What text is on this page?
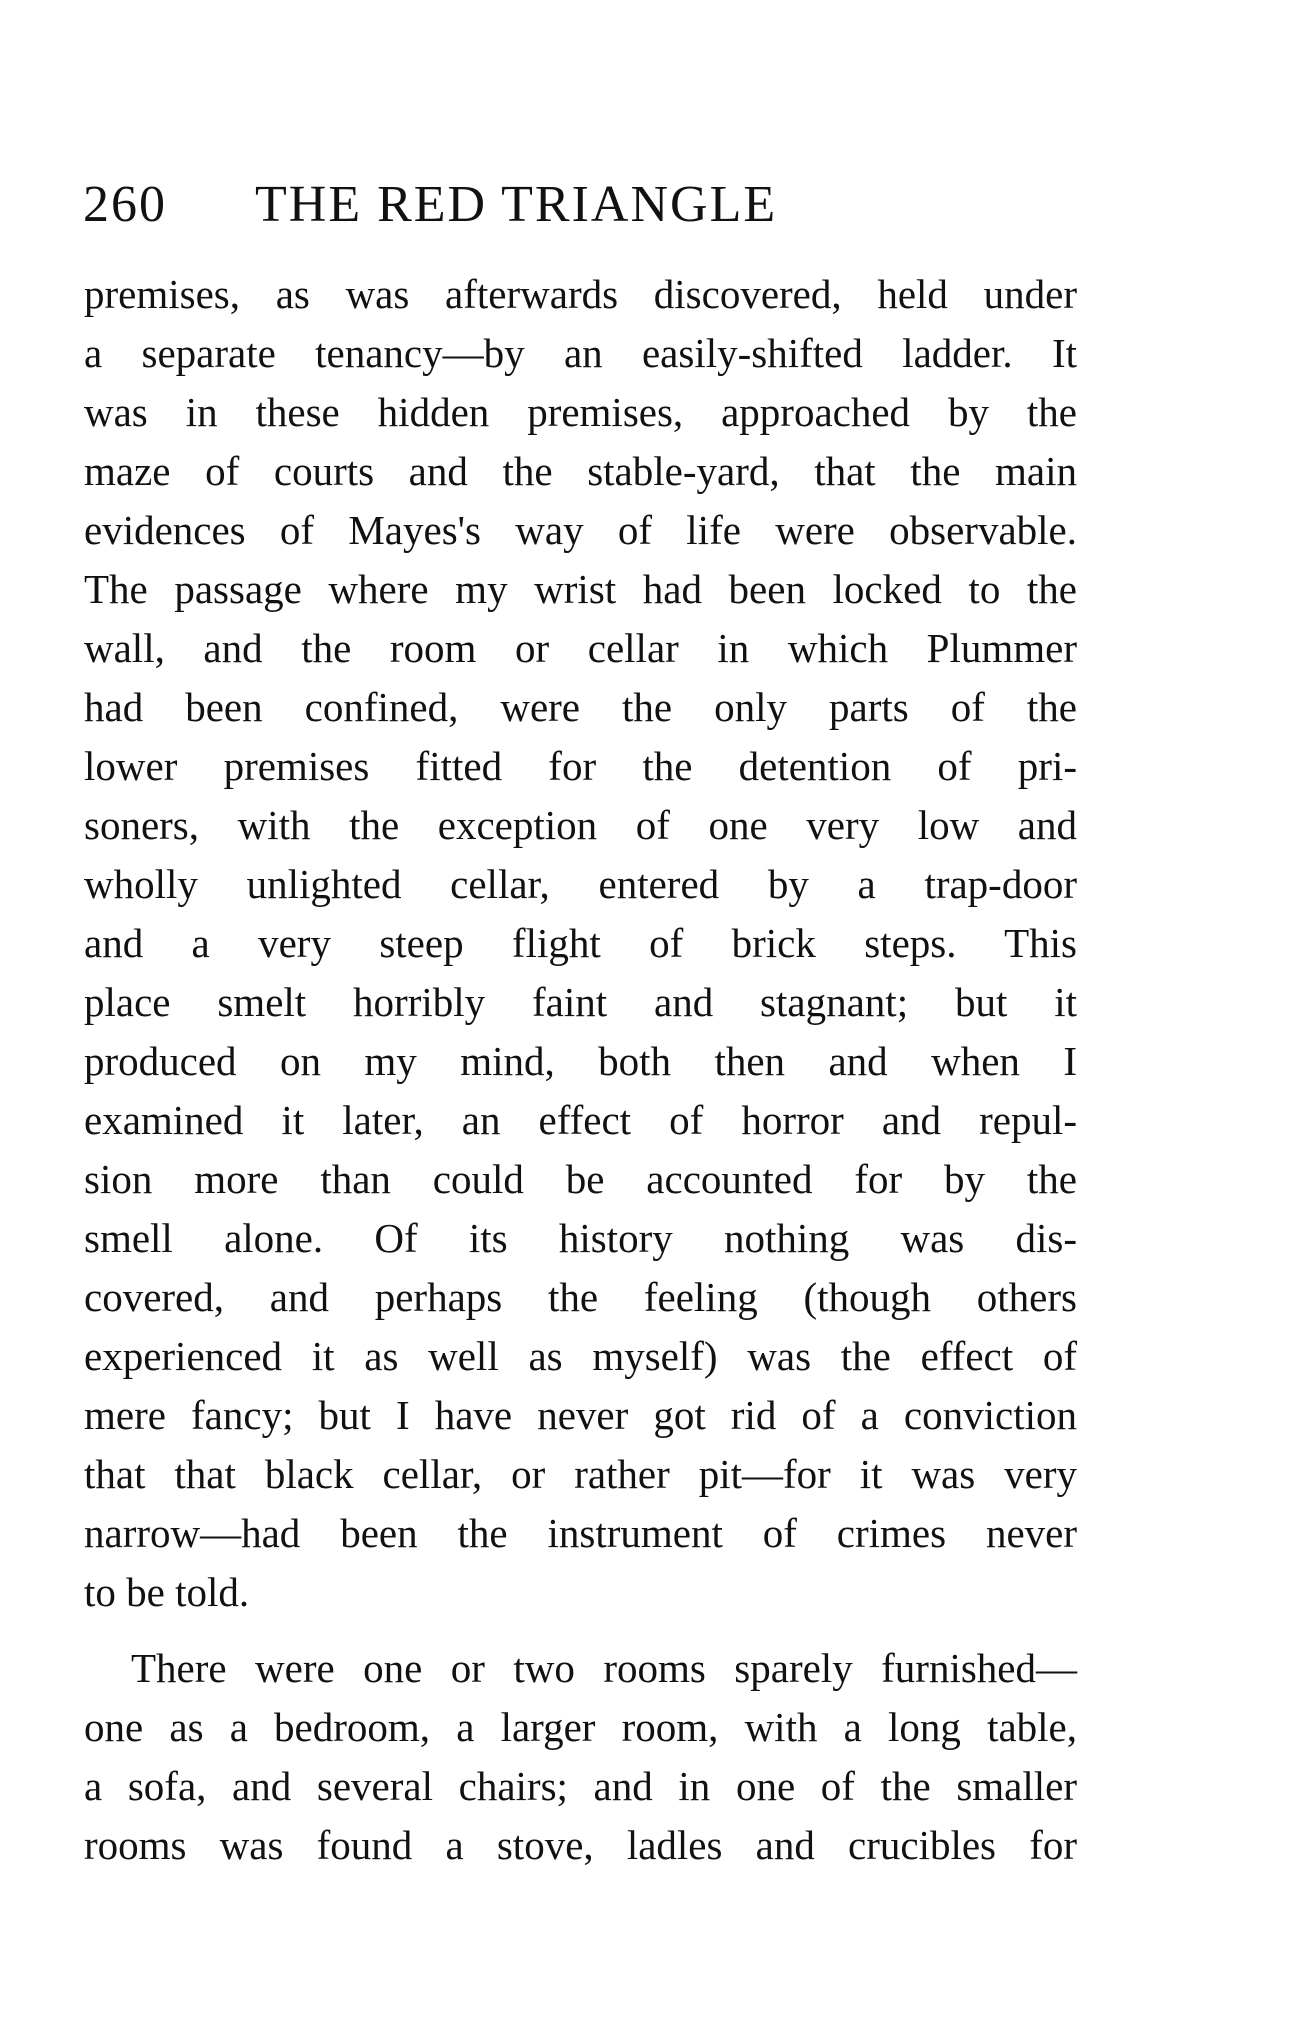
260 THE RED TRIANGLE
premises, as was afterwards discovered, held under
a separate tenancy—by an easily-shifted ladder. It
was in these hidden premises, approached by the
maze of courts and the stable-yard, that the main
evidences of Mayes's way of life were observable.
The passage where my wrist had been locked to the
wall, and the room or cellar in which Plummer
had been confined, were the only parts of the
lower premises fitted for the detention of pri-
soners, with the exception of one very low and
wholly unlighted cellar, entered by a trap-door
and a very steep flight of brick steps. This
place smelt horribly faint and stagnant; but it
produced on my mind, both then and when I
examined it later, an effect of horror and repul-
sion more than could be accounted for by the
smell alone. Of its history nothing was dis-
covered, and perhaps the feeling (though others
experienced it as well as myself) was the effect of
mere fancy; but I have never got rid of a conviction
that that black cellar, or rather pit—for it was very
narrow—had been the instrument of crimes never
to be told.
There were one or two rooms sparely furnished—
one as a bedroom, a larger room, with a long table,
a sofa, and several chairs; and in one of the smaller
rooms was found a stove, ladles and crucibles for
